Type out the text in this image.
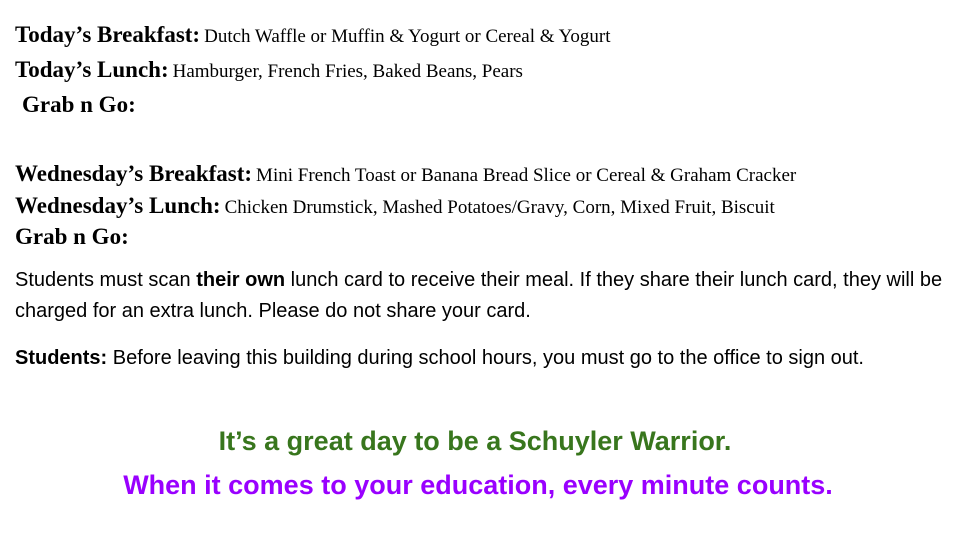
Today’s Breakfast: Dutch Waffle or Muffin & Yogurt or Cereal & Yogurt
Today’s Lunch: Hamburger, French Fries, Baked Beans, Pears
Grab n Go:
Wednesday’s Breakfast: Mini French Toast or Banana Bread Slice or Cereal & Graham Cracker
Wednesday’s Lunch: Chicken Drumstick, Mashed Potatoes/Gravy, Corn, Mixed Fruit, Biscuit
Grab n Go:
Students must scan their own lunch card to receive their meal. If they share their lunch card, they will be charged for an extra lunch. Please do not share your card.
Students: Before leaving this building during school hours, you must go to the office to sign out.
It’s a great day to be a Schuyler Warrior.
When it comes to your education, every minute counts.
